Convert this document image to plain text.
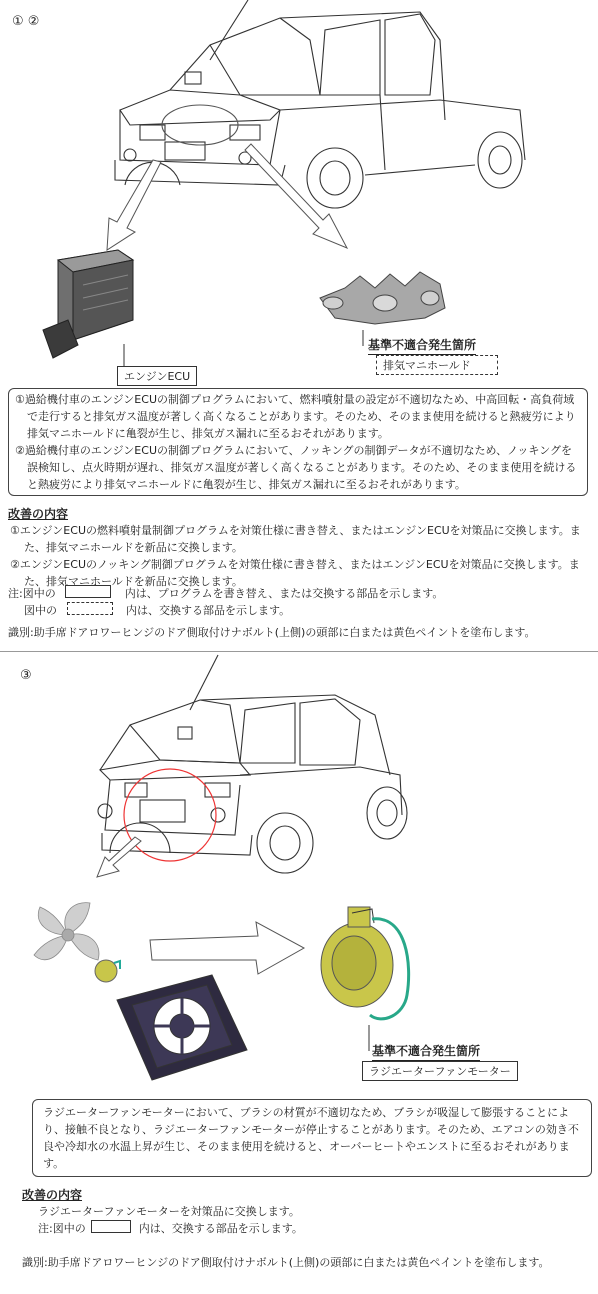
① ②
エンジンECU
基準不適合発生箇所
排気マニホールド

①過給機付車のエンジンECUの制御プログラムにおいて、燃料噴射量の設定が不適切なため、中高回転・高負荷域で走行すると排気ガス温度が著しく高くなることがあります。そのため、そのまま使用を続けると熱疲労により排気マニホールドに亀裂が生じ、排気ガス漏れに至るおそれがあります。

②過給機付車のエンジンECUの制御プログラムにおいて、ノッキングの制御データが不適切なため、ノッキングを誤検知し、点火時期が遅れ、排気ガス温度が著しく高くなることがあります。そのため、そのまま使用を続けると熱疲労により排気マニホールドに亀裂が生じ、排気ガス漏れに至るおそれがあります。

改善の内容

①エンジンECUの燃料噴射量制御プログラムを対策仕様に書き替え、またはエンジンECUを対策品に交換します。また、排気マニホールドを新品に交換します。

②エンジンECUのノッキング制御プログラムを対策仕様に書き替え、またはエンジンECUを対策品に交換します。また、排気マニホールドを新品に交換します。

注:図中の	内は、プログラムを書き替え、または交換する部品を示します。
図中の	内は、交換する部品を示します。
識別:助手席ドアロワーヒンジのドア側取付けナボルト(上側)の頭部に白または黄色ペイントを塗布します。
③
基準不適合発生箇所
ラジエーターファンモーター

ラジエーターファンモーターにおいて、ブラシの材質が不適切なため、ブラシが吸湿して膨張することにより、接触不良となり、ラジエーターファンモーターが停止することがあります。そのため、エアコンの効き不良や冷却水の水温上昇が生じ、そのまま使用を続けると、オーバーヒートやエンストに至るおそれがあります。

改善の内容
ラジエーターファンモーターを対策品に交換します。
注:図中の	内は、交換する部品を示します。
識別:助手席ドアロワーヒンジのドア側取付けナボルト(上側)の頭部に白または黄色ペイントを塗布します。
